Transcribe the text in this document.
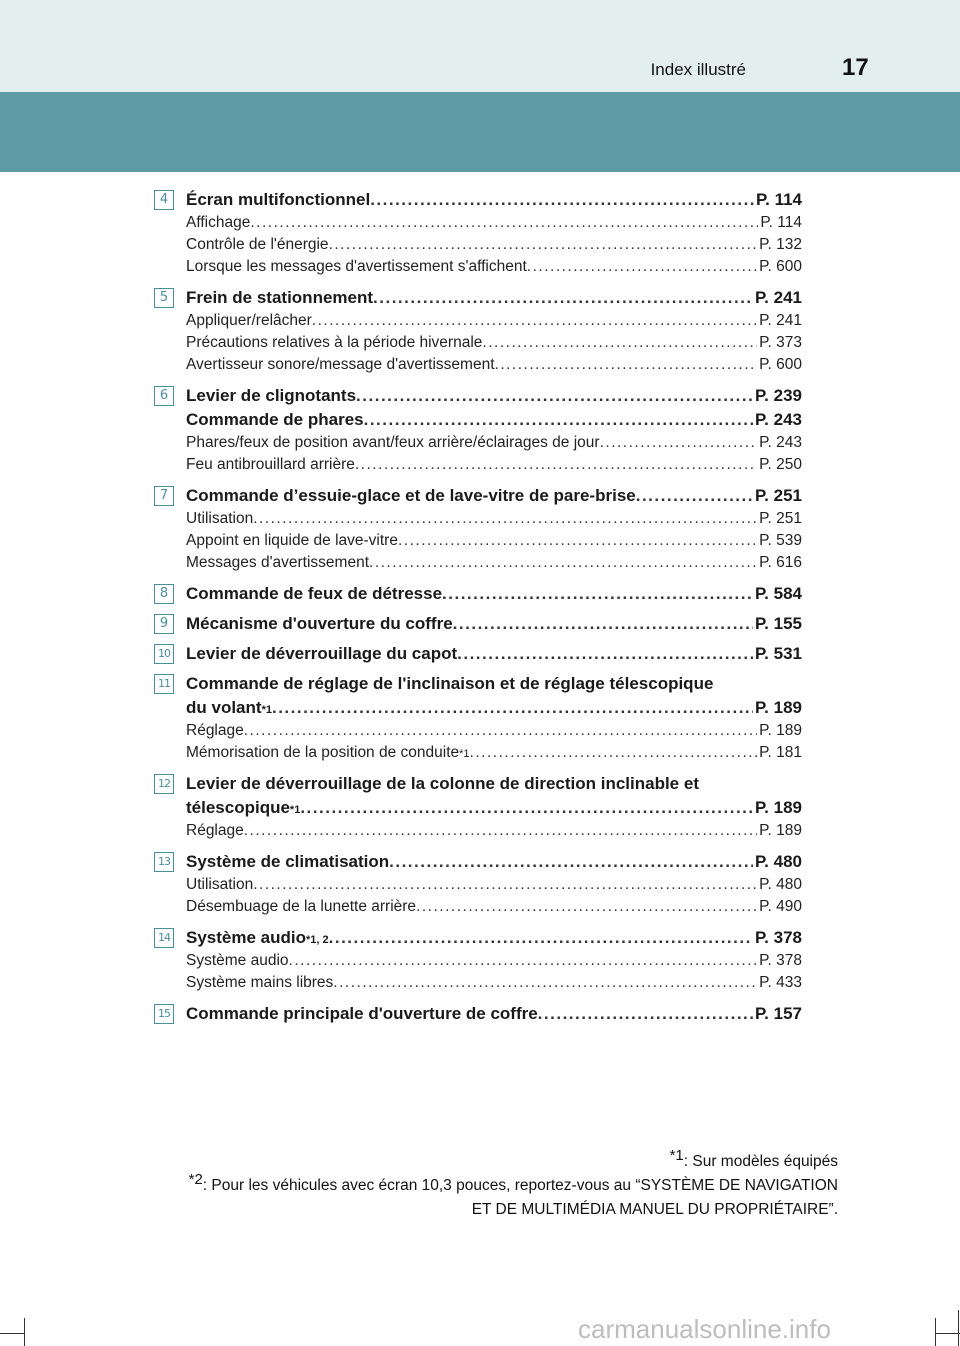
Index illustré	17
4	Écran multifonctionnel .....	P. 114
Affichage .....	P. 114
Contrôle de l'énergie .....	P. 132
Lorsque les messages d'avertissement s'affichent .....	P. 600
5	Frein de stationnement .....	P. 241
Appliquer/relâcher .....	P. 241
Précautions relatives à la période hivernale .....	P. 373
Avertisseur sonore/message d'avertissement .....	P. 600
6	Levier de clignotants .....	P. 239
Commande de phares .....	P. 243
Phares/feux de position avant/feux arrière/éclairages de jour .....	P. 243
Feu antibrouillard arrière .....	P. 250
7	Commande d’essuie-glace et de lave-vitre de pare-brise .....	P. 251
Utilisation .....	P. 251
Appoint en liquide de lave-vitre .....	P. 539
Messages d'avertissement .....	P. 616
8	Commande de feux de détresse .....	P. 584
9	Mécanisme d'ouverture du coffre .....	P. 155
10 Levier de déverrouillage du capot .....	P. 531
11 Commande de réglage de l'inclinaison et de réglage télescopique
du volant *1 .....	P. 189
Réglage .....	P. 189
Mémorisation de la position de conduite *1 .....	P. 181
12 Levier de déverrouillage de la colonne de direction inclinable et
télescopique *1 .....	P. 189
Réglage .....	P. 189
13 Système de climatisation .....	P. 480
Utilisation .....	P. 480
Désembuage de la lunette arrière .....	P. 490
14 Système audio *1, 2 .....	P. 378
Système audio .....	P. 378
Système mains libres .....	P. 433
15 Commande principale d'ouverture de coffre .....	P. 157
$^{*1}$: Sur modèles équipés
$^{*2}$: Pour les véhicules avec écran 10,3 pouces, reportez-vous au “SYSTÈME DE NAVIGATION
ET DE MULTIMÉDIA MANUEL DU PROPRIÉTAIRE”.
carmanualsonline.info
